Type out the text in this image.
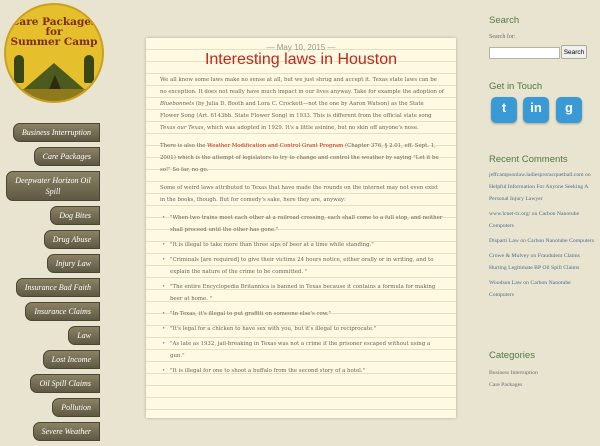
Care Packages
for
Summer Camp
Business Interruption
Care Packages
Deepwater Horizon Oil Spill
Dog Bites
Drug Abuse
Injury Law
Insurance Bad Faith
Insurance Claims
Law
Lost Income
Oil Spill Claims
Pollution
Severe Weather
— May 10, 2015 —
Interesting laws in Houston

We all know some laws make no sense at all, but we just shrug and accept it. Texas state laws can be no exception. It does not really have much impact in our lives anyway. Take for example the adoption of Bluebonnets (by Julia D. Booth and Lora C. Crockett—not the one by Aaron Watson) as the State Flower Song (Art. 6143bb. State Flower Song) in 1933. This is different from the official state song Texas our Texas, which was adopted in 1929. It's a little asinine, but no skin off anyone's nose.

There is also the Weather Modification and Control Grant Program (Chapter 376, § 2.01, eff. Sept. 1, 2001) which is the attempt of legislators to try to change and control the weather by saying "Let it be so!" So far, no go.

Some of weird laws attributed to Texas that have made the rounds on the internet may not even exist in the books, though. But for comedy's sake, here they are, anyway:

• "When two trains meet each other at a railroad crossing, each shall come to a full stop, and neither shall proceed until the other has gone."
• "It is illegal to take more than three sips of beer at a time while standing."
• "Criminals [are required] to give their victims 24 hours notice, either orally or in writing, and to explain the nature of the crime to be committed. "
• "The entire Encyclopedia Britannica is banned in Texas because it contains a formula for making beer at home. "
• "In Texas, it's illegal to put graffiti on someone else's cow."
• "It's legal for a chicken to have sex with you, but it's illegal to reciprocate."
• "As late as 1932, jail-breaking in Texas was not a crime if the prisoner escaped without using a gun."
• "It is illegal for one to shoot a buffalo from the second story of a hotel."
Search
Search for:
Search
Get in Touch
t	in	g
Recent Comments
jeffcampsonlaw.ladiesproracquetball.com on Helpful Information For Anyone Seeking A Personal Injury Lawyer
www.lcnet-tx.org/ on Carbon Nanotube Computers
Disparti Law on Carbon Nanotube Computers
Crowe & Mulvey on Fraudulent Claims Hurting Legitimate BP Oil Spill Claims
Woodson Law on Carbon Nanotube Computers
Categories
Business Interruption
Care Packages
